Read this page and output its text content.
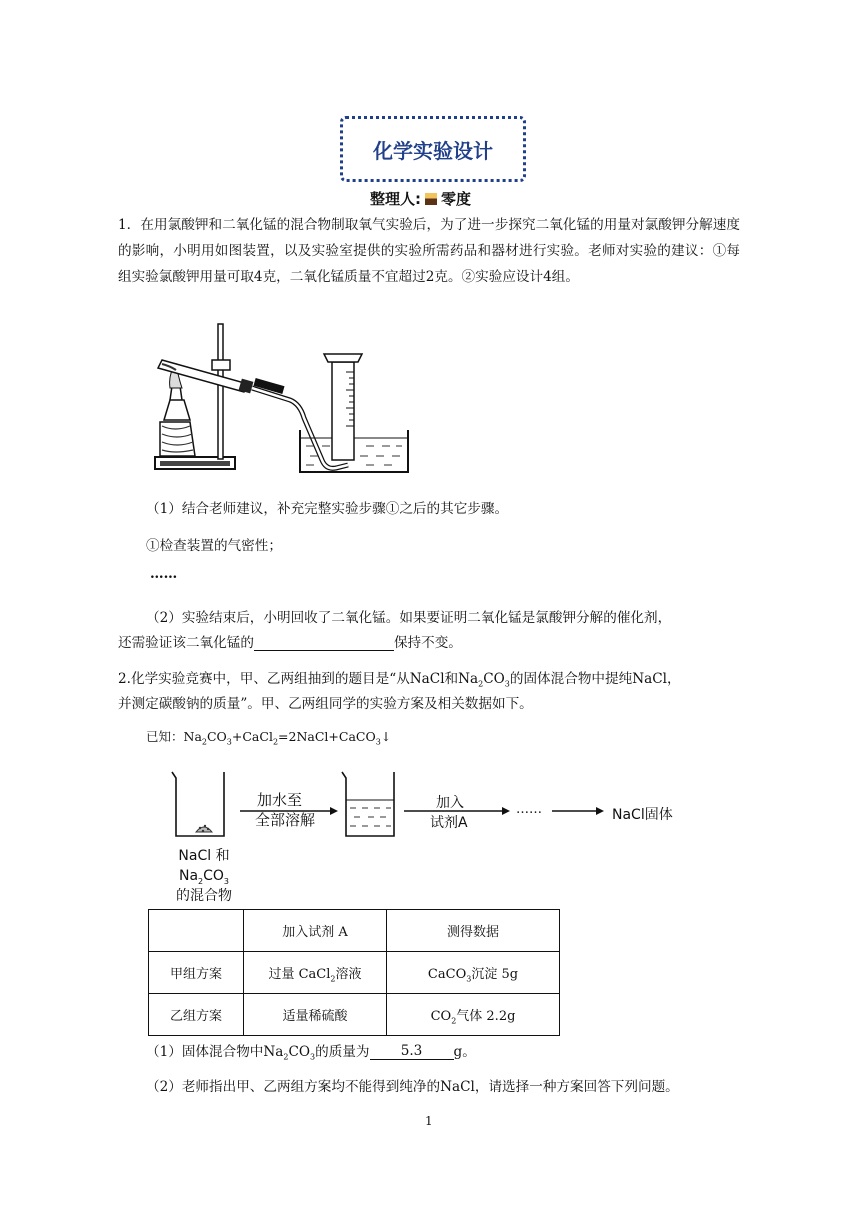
化学实验设计
整理人: 零度
1．在用氯酸钾和二氧化锰的混合物制取氧气实验后，为了进一步探究二氧化锰的用量对氯酸钾分解速度的影响，小明用如图装置，以及实验室提供的实验所需药品和器材进行实验。老师对实验的建议：①每组实验氯酸钾用量可取4克，二氧化锰质量不宜超过2克。②实验应设计4组。
（1）结合老师建议，补充完整实验步骤①之后的其它步骤。
①检查装置的气密性；
……
（2）实验结束后，小明回收了二氧化锰。如果要证明二氧化锰是氯酸钾分解的催化剂，
还需验证该二氧化锰的	保持不变。
2.化学实验竞赛中，甲、乙两组抽到的题目是“从NaCl和$Na_2CO_3$的固体混合物中提纯NaCl，
并测定碳酸钠的质量”。甲、乙两组同学的实验方案及相关数据如下。
已知：$Na_2CO_3+CaCl_2=2NaCl+CaCO_3↓$
加水至
全部溶解
加入
试剂A
……	NaCl固体
NaCl 和$Na_2CO_3$
的混合物
	加入试剂 A	测得数据
甲组方案	过量 CaCl$_2$溶液	CaCO$_3$沉淀 5g
乙组方案	适量稀硫酸	$CO_2$气体 2.2g
（1）固体混合物中$Na_2CO_3$的质量为 5.3 g。
（2）老师指出甲、乙两组方案均不能得到纯净的NaCl，请选择一种方案回答下列问题。
1
